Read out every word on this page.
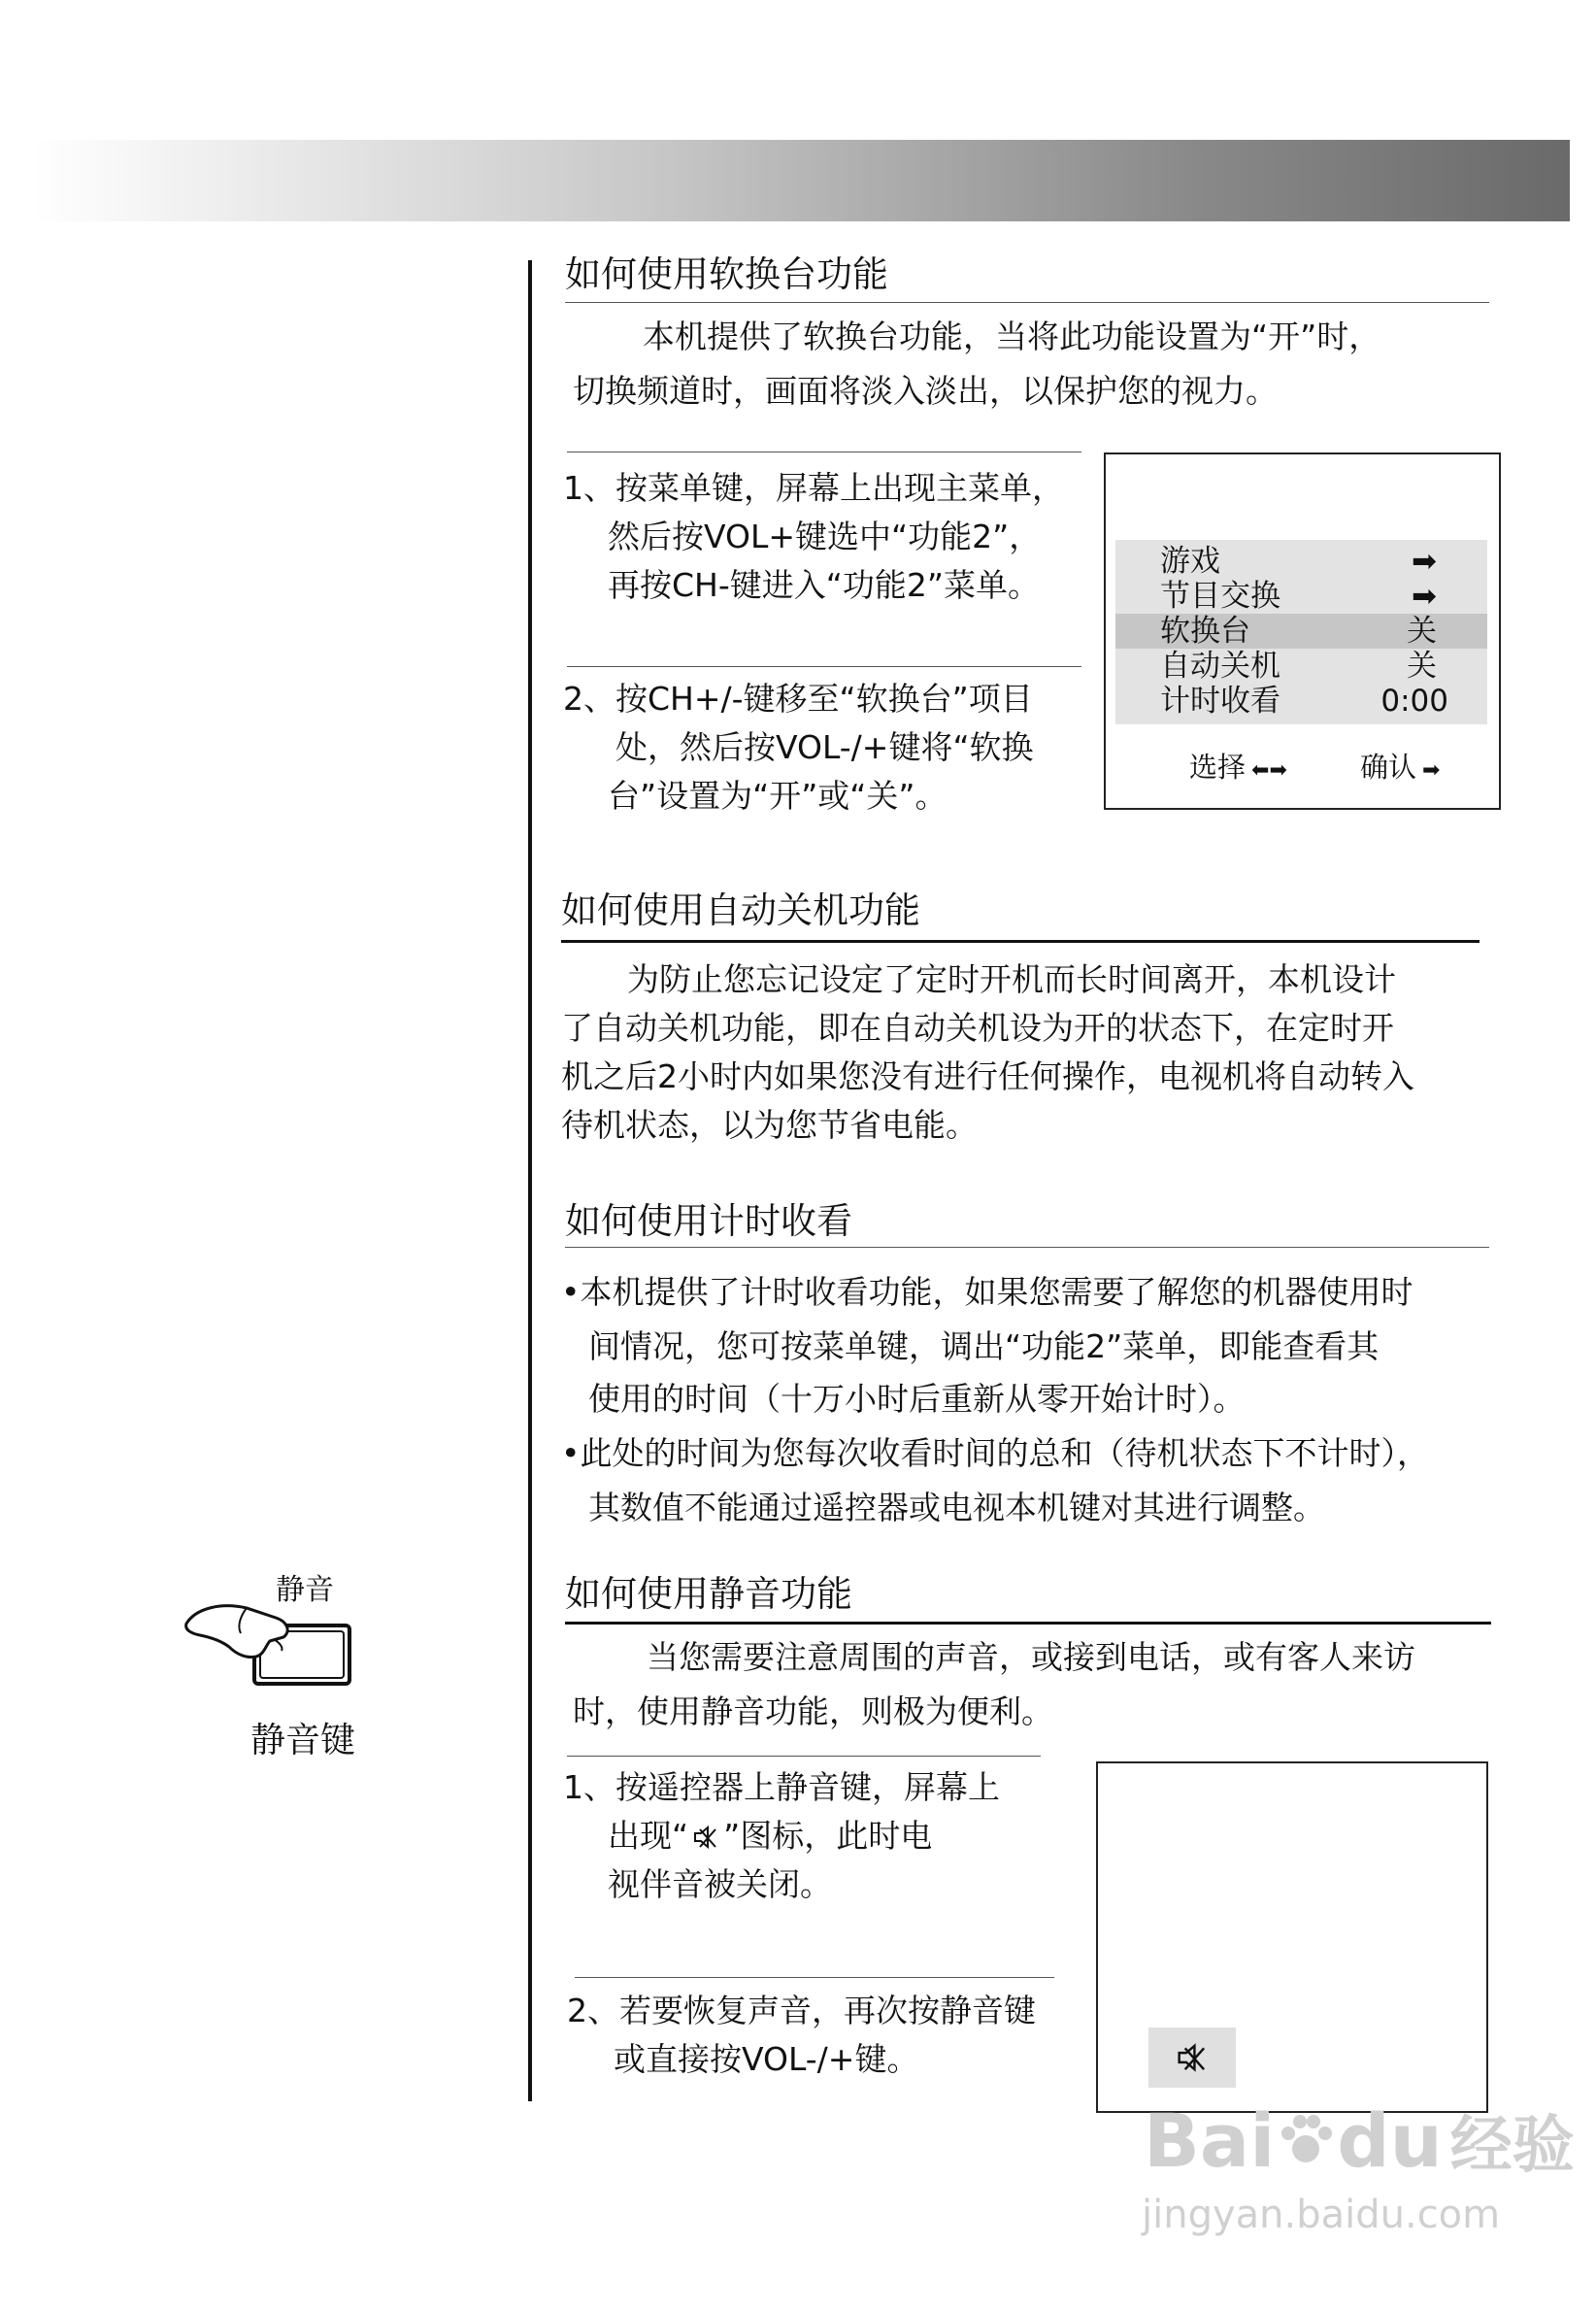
如何使用软换台功能
本机提供了软换台功能，当将此功能设置为“开”时，
切换频道时，画面将淡入淡出，以保护您的视力。
1、按菜单键，屏幕上出现主菜单，
然后按VOL+键选中“功能2”，
再按CH-键进入“功能2”菜单。
2、按CH+/-键移至“软换台”项目
处，然后按VOL-/+键将“软换
台”设置为“开”或“关”。
游戏	➡
节目交换	➡
软换台	关
自动关机	关
计时收看	0:00
选择 ⬅➡	确认 ➡
如何使用自动关机功能
为防止您忘记设定了定时开机而长时间离开，本机设计
了自动关机功能，即在自动关机设为开的状态下，在定时开
机之后2小时内如果您没有进行任何操作，电视机将自动转入
待机状态，以为您节省电能。
如何使用计时收看
•本机提供了计时收看功能，如果您需要了解您的机器使用时
间情况，您可按菜单键，调出“功能2”菜单，即能查看其
使用的时间（十万小时后重新从零开始计时）。
•此处的时间为您每次收看时间的总和（待机状态下不计时），
其数值不能通过遥控器或电视本机键对其进行调整。
静音
静音键
如何使用静音功能
当您需要注意周围的声音，或接到电话，或有客人来访
时，使用静音功能，则极为便利。
1、按遥控器上静音键，屏幕上
出现“ ”图标，此时电
视伴音被关闭。
2、若要恢复声音，再次按静音键
或直接按VOL-/+键。
Bai du 经验
jingyan.baidu.com
